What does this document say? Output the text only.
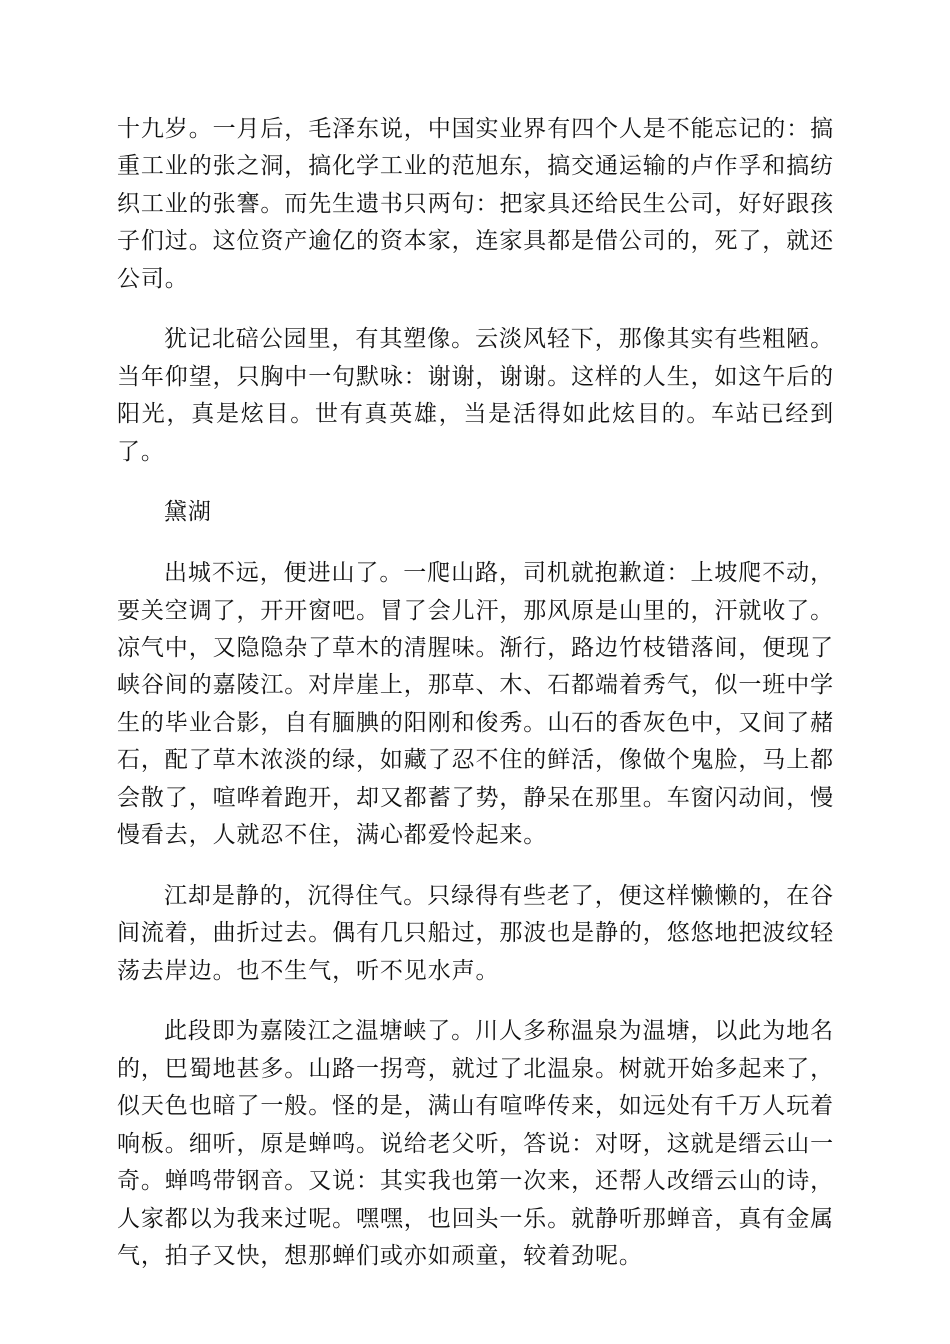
十九岁。一月后，毛泽东说，中国实业界有四个人是不能忘记的：搞重工业的张之洞，搞化学工业的范旭东，搞交通运输的卢作孚和搞纺织工业的张謇。而先生遗书只两句：把家具还给民生公司，好好跟孩子们过。这位资产逾亿的资本家，连家具都是借公司的，死了，就还公司。

犹记北碚公园里，有其塑像。云淡风轻下，那像其实有些粗陋。当年仰望，只胸中一句默咏：谢谢，谢谢。这样的人生，如这午后的阳光，真是炫目。世有真英雄，当是活得如此炫目的。车站已经到了。

黛湖

出城不远，便进山了。一爬山路，司机就抱歉道：上坡爬不动，要关空调了，开开窗吧。冒了会儿汗，那风原是山里的，汗就收了。凉气中，又隐隐杂了草木的清腥味。渐行，路边竹枝错落间，便现了峡谷间的嘉陵江。对岸崖上，那草、木、石都端着秀气，似一班中学生的毕业合影，自有腼腆的阳刚和俊秀。山石的香灰色中，又间了赭石，配了草木浓淡的绿，如藏了忍不住的鲜活，像做个鬼脸，马上都会散了，喧哗着跑开，却又都蓄了势，静呆在那里。车窗闪动间，慢慢看去，人就忍不住，满心都爱怜起来。

江却是静的，沉得住气。只绿得有些老了，便这样懒懒的，在谷间流着，曲折过去。偶有几只船过，那波也是静的，悠悠地把波纹轻荡去岸边。也不生气，听不见水声。

此段即为嘉陵江之温塘峡了。川人多称温泉为温塘，以此为地名的，巴蜀地甚多。山路一拐弯，就过了北温泉。树就开始多起来了，似天色也暗了一般。怪的是，满山有喧哗传来，如远处有千万人玩着响板。细听，原是蝉鸣。说给老父听，答说：对呀，这就是缙云山一奇。蝉鸣带钢音。又说：其实我也第一次来，还帮人改缙云山的诗，人家都以为我来过呢。嘿嘿，也回头一乐。就静听那蝉音，真有金属气，拍子又快，想那蝉们或亦如顽童，较着劲呢。
